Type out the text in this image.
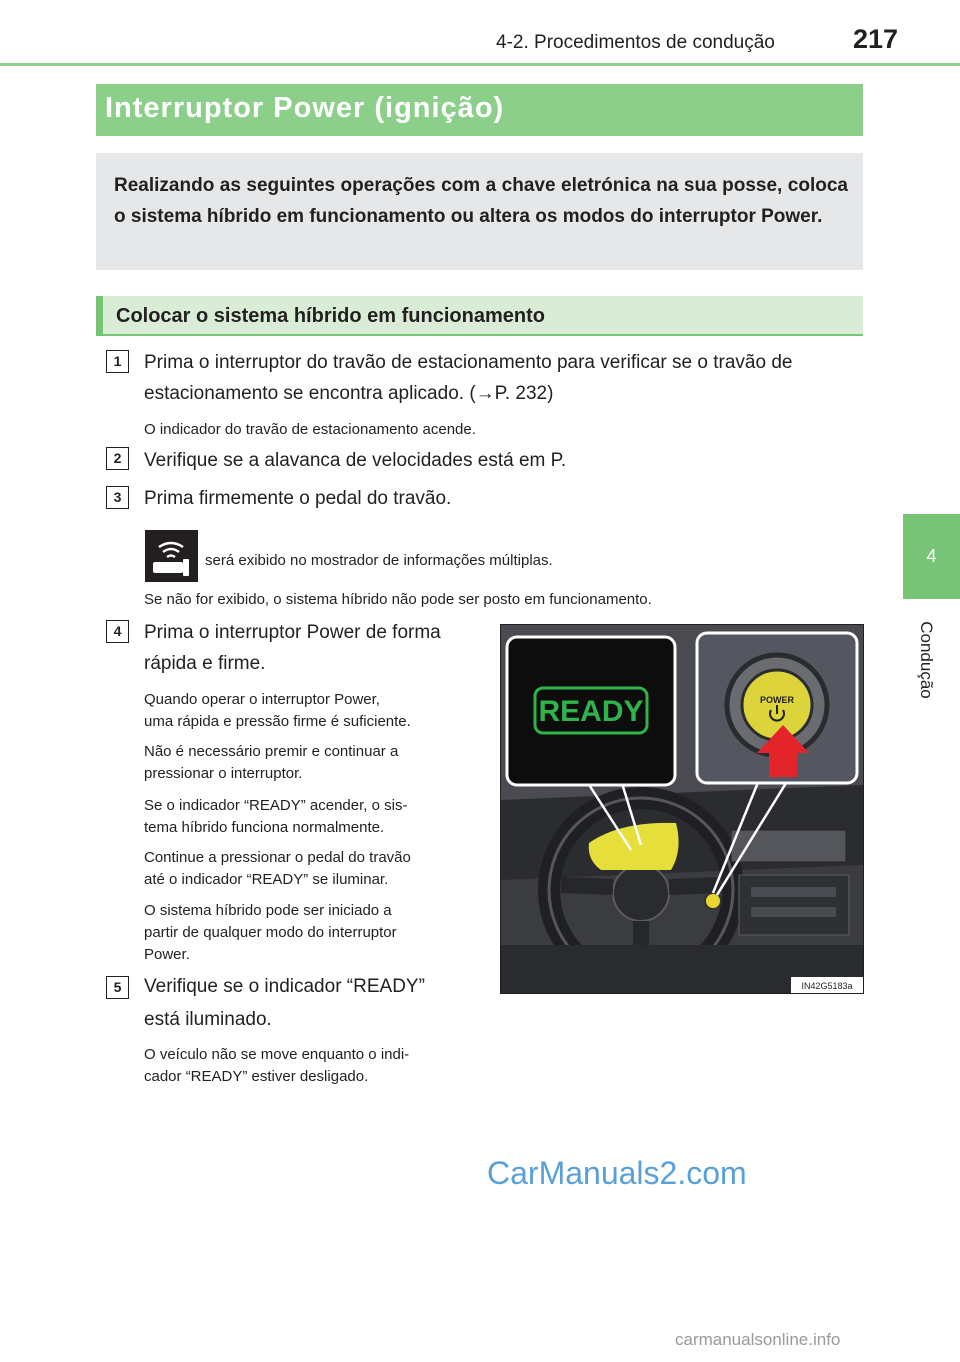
4-2. Procedimentos de condução	217
4
Condução
Interruptor Power (ignição)

Realizando as seguintes operações com a chave eletrónica na sua posse, coloca o sistema híbrido em funcionamento ou altera os modos do interruptor Power.

Colocar o sistema híbrido em funcionamento
1	Prima o interruptor do travão de estacionamento para verificar se o travão de
estacionamento se encontra aplicado. (→P. 232)
O indicador do travão de estacionamento acende.
2	Verifique se a alavanca de velocidades está em P.
3	Prima firmemente o pedal do travão.
será exibido no mostrador de informações múltiplas.
Se não for exibido, o sistema híbrido não pode ser posto em funcionamento.
4	Prima o interruptor Power de forma
rápida e firme.
Quando operar o interruptor Power,
uma rápida e pressão firme é suficiente.
Não é necessário premir e continuar a
pressionar o interruptor.
Se o indicador “READY” acender, o sis-
tema híbrido funciona normalmente.
Continue a pressionar o pedal do travão
até o indicador “READY” se iluminar.
O sistema híbrido pode ser iniciado a
partir de qualquer modo do interruptor
Power.
5	Verifique se o indicador “READY”
está iluminado.
O veículo não se move enquanto o indi-
cador “READY” estiver desligado.
READY	POWER
IN42G5183a
CarManuals2.com
carmanualsonline.info
